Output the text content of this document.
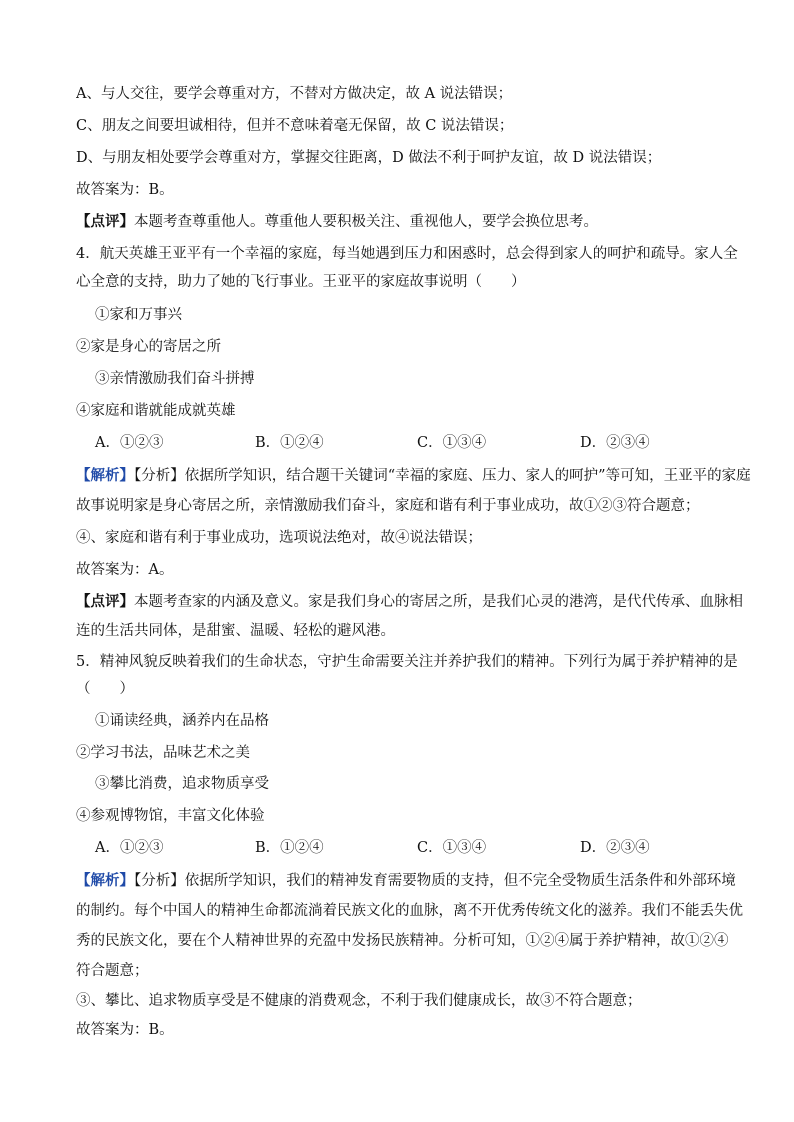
A、与人交往，要学会尊重对方，不替对方做决定，故 A 说法错误；
C、朋友之间要坦诚相待，但并不意味着毫无保留，故 C 说法错误；
D、与朋友相处要学会尊重对方，掌握交往距离，D 做法不利于呵护友谊，故 D 说法错误；
故答案为：B。
【点评】本题考查尊重他人。尊重他人要积极关注、重视他人，要学会换位思考。
4．航天英雄王亚平有一个幸福的家庭，每当她遇到压力和困惑时，总会得到家人的呵护和疏导。家人全
心全意的支持，助力了她的飞行事业。王亚平的家庭故事说明（　　）
①家和万事兴
②家是身心的寄居之所
③亲情激励我们奋斗拼搏
④家庭和谐就能成就英雄
A．①②③	B．①②④	C．①③④	D．②③④
【解析】【分析】依据所学知识，结合题干关键词“幸福的家庭、压力、家人的呵护”等可知，王亚平的家庭
故事说明家是身心寄居之所，亲情激励我们奋斗，家庭和谐有利于事业成功，故①②③符合题意；
④、家庭和谐有利于事业成功，选项说法绝对，故④说法错误；
故答案为：A。
【点评】本题考查家的内涵及意义。家是我们身心的寄居之所，是我们心灵的港湾，是代代传承、血脉相
连的生活共同体，是甜蜜、温暖、轻松的避风港。
5．精神风貌反映着我们的生命状态，守护生命需要关注并养护我们的精神。下列行为属于养护精神的是
（　　）
①诵读经典，涵养内在品格
②学习书法，品味艺术之美
③攀比消费，追求物质享受
④参观博物馆，丰富文化体验
A．①②③	B．①②④	C．①③④	D．②③④
【解析】【分析】依据所学知识，我们的精神发育需要物质的支持，但不完全受物质生活条件和外部环境
的制约。每个中国人的精神生命都流淌着民族文化的血脉，离不开优秀传统文化的滋养。我们不能丢失优
秀的民族文化，要在个人精神世界的充盈中发扬民族精神。分析可知，①②④属于养护精神，故①②④
符合题意；
③、攀比、追求物质享受是不健康的消费观念，不利于我们健康成长，故③不符合题意；
故答案为：B。
